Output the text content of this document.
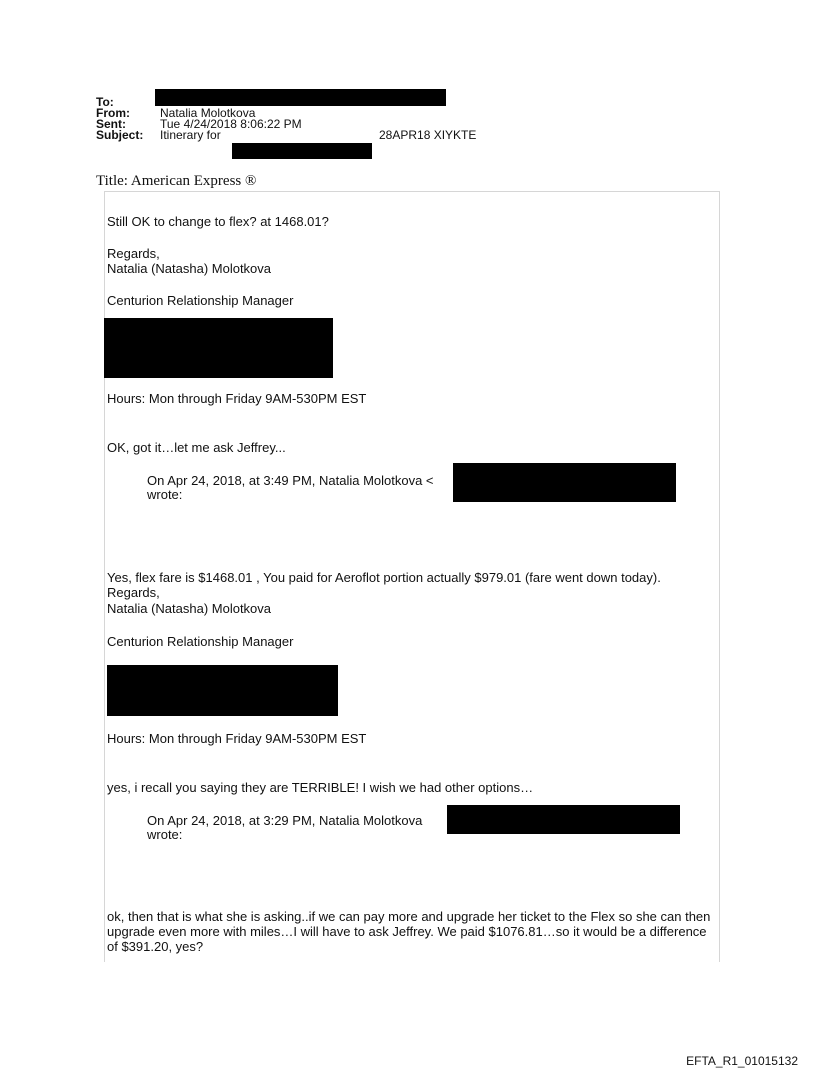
To:
From:	Natalia Molotkova
Sent:	Tue 4/24/2018 8:06:22 PM
Subject: Itinerary for	28APR18 XIYKTE
Title: American Express ®
Still OK to change to flex? at 1468.01?
Regards,
Natalia (Natasha) Molotkova
Centurion Relationship Manager
Hours: Mon through Friday 9AM-530PM EST
OK, got it…let me ask Jeffrey...
On Apr 24, 2018, at 3:49 PM, Natalia Molotkova <
wrote:
Yes, flex fare is $1468.01 , You paid for Aeroflot portion actually $979.01 (fare went down today).
Regards,
Natalia (Natasha) Molotkova
Centurion Relationship Manager
Hours: Mon through Friday 9AM-530PM EST
yes, i recall you saying they are TERRIBLE! I wish we had other options…
On Apr 24, 2018, at 3:29 PM, Natalia Molotkova
wrote:
ok, then that is what she is asking..if we can pay more and upgrade her ticket to the Flex so she can then upgrade even more with miles…I will have to ask Jeffrey. We paid $1076.81…so it would be a difference of $391.20, yes?
EFTA_R1_01015132
